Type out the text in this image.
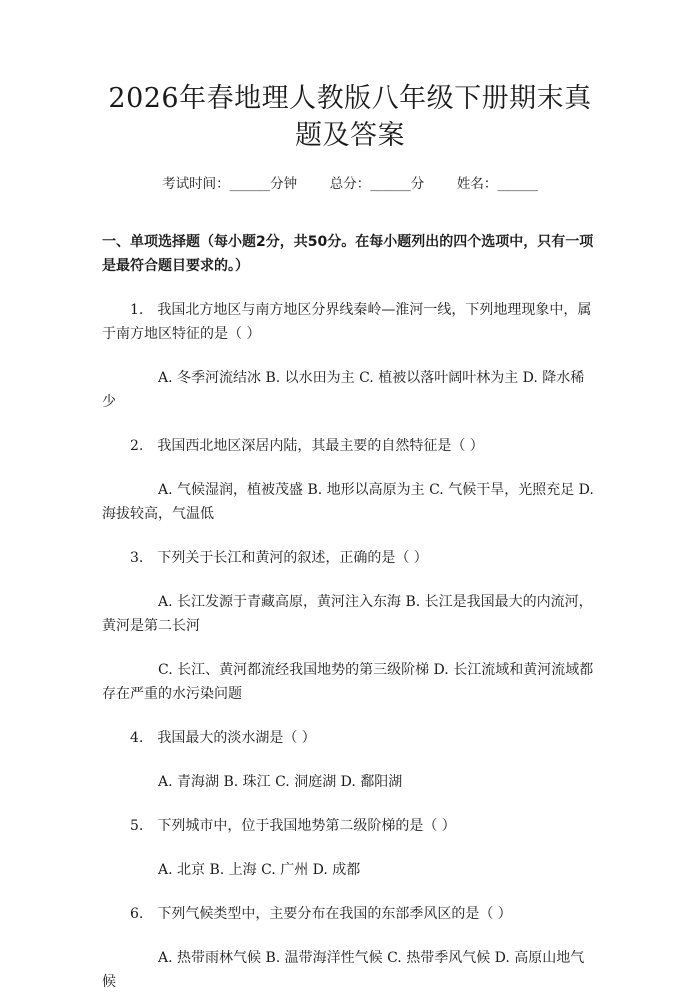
2026年春地理人教版八年级下册期末真题及答案
考试时间：______分钟 总分：______分 姓名：______
一、单项选择题（每小题2分，共50分。在每小题列出的四个选项中，只有一项是最符合题目要求的。）
1.　我国北方地区与南方地区分界线秦岭—淮河一线，下列地理现象中，属于南方地区特征的是（ ）
A. 冬季河流结冰 B. 以水田为主 C. 植被以落叶阔叶林为主 D. 降水稀少
2.　我国西北地区深居内陆，其最主要的自然特征是（ ）
A. 气候湿润，植被茂盛 B. 地形以高原为主 C. 气候干旱，光照充足 D. 海拔较高，气温低
3.　下列关于长江和黄河的叙述，正确的是（ ）
A. 长江发源于青藏高原，黄河注入东海 B. 长江是我国最大的内流河，黄河是第二长河
C. 长江、黄河都流经我国地势的第三级阶梯 D. 长江流域和黄河流域都存在严重的水污染问题
4.　我国最大的淡水湖是（ ）
A. 青海湖 B. 珠江 C. 洞庭湖 D. 鄱阳湖
5.　下列城市中，位于我国地势第二级阶梯的是（ ）
A. 北京 B. 上海 C. 广州 D. 成都
6.　下列气候类型中，主要分布在我国的东部季风区的是（ ）
A. 热带雨林气候 B. 温带海洋性气候 C. 热带季风气候 D. 高原山地气候
